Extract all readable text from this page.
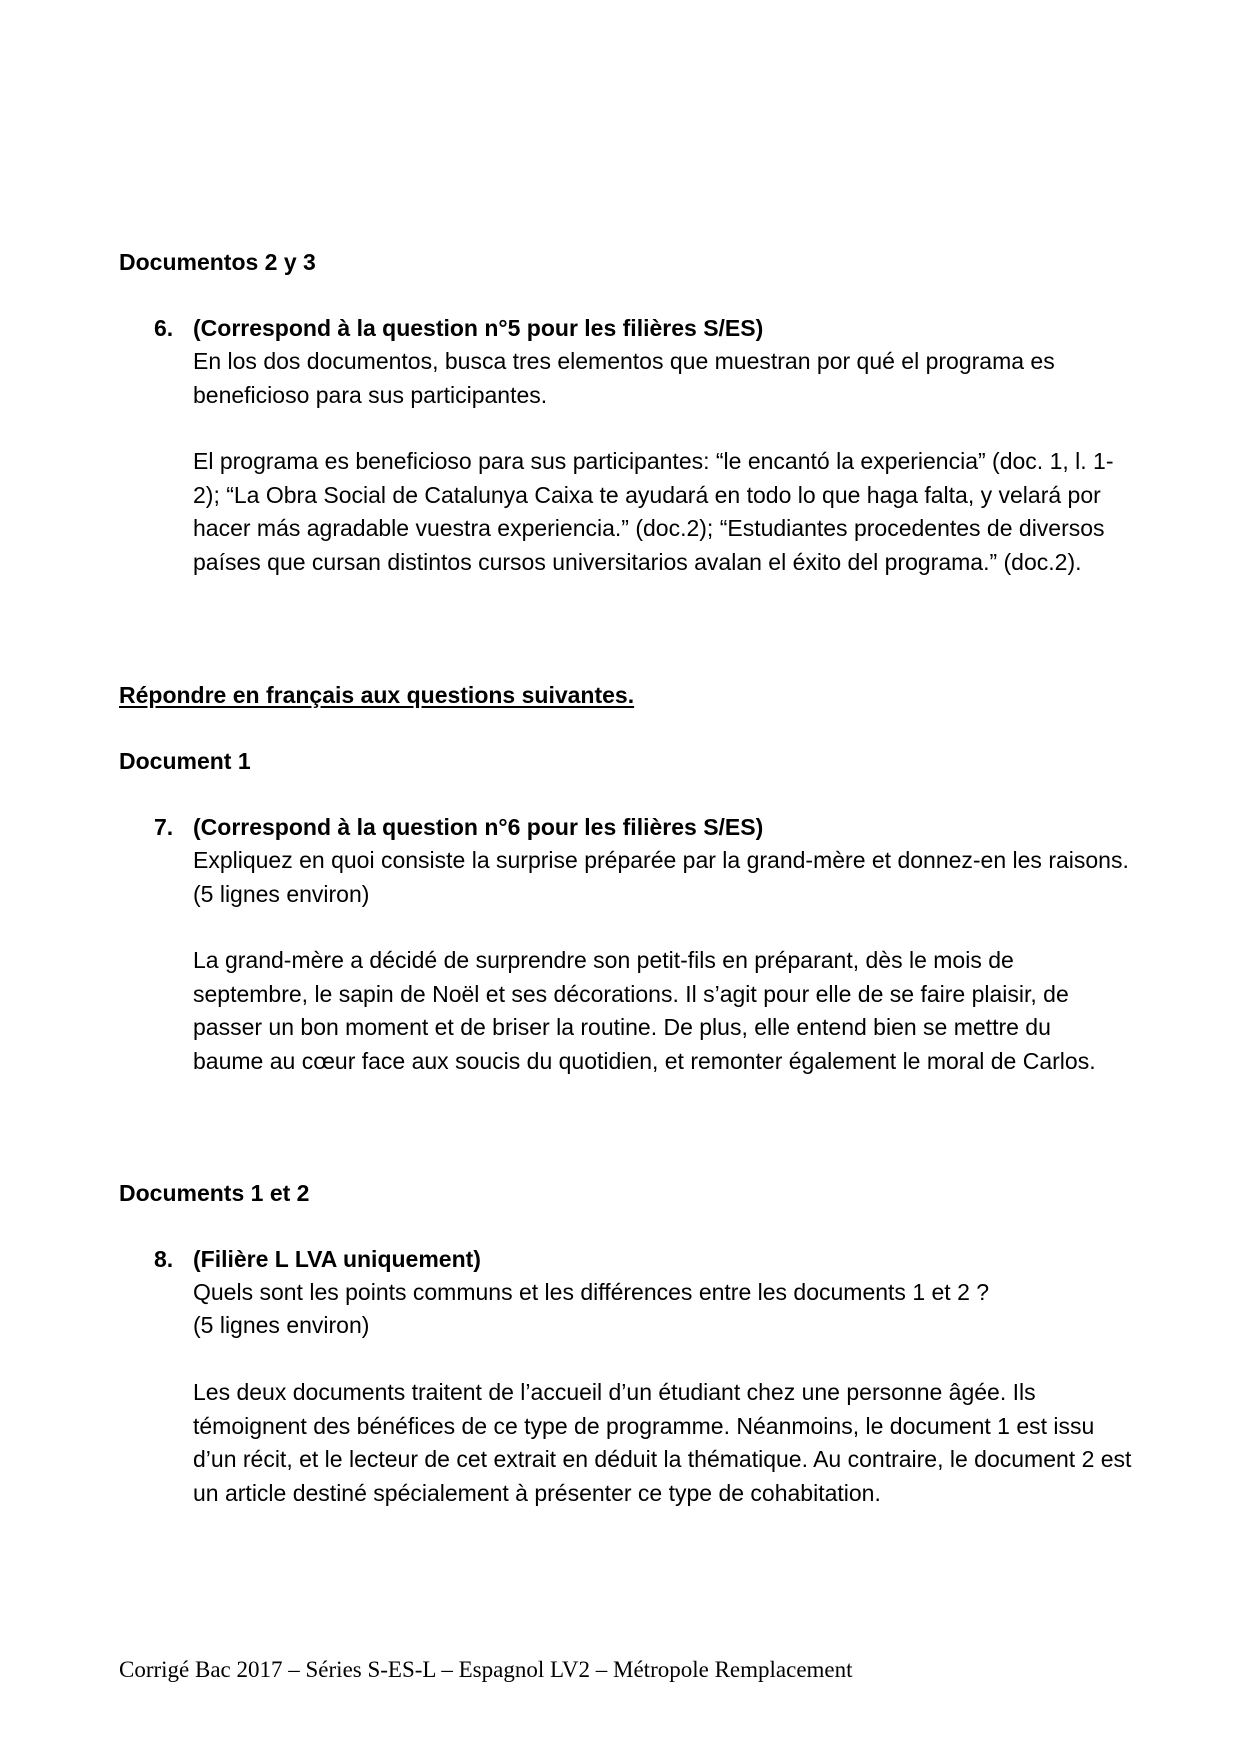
Documentos 2 y 3

6. (Correspond à la question n°5 pour les filières S/ES)

En los dos documentos, busca tres elementos que muestran por qué el programa es beneficioso para sus participantes.

El programa es beneficioso para sus participantes: “le encantó la experiencia” (doc. 1, l. 1-2); “La Obra Social de Catalunya Caixa te ayudará en todo lo que haga falta, y velará por hacer más agradable vuestra experiencia.” (doc.2); “Estudiantes procedentes de diversos países que cursan distintos cursos universitarios avalan el éxito del programa.” (doc.2).

Répondre en français aux questions suivantes.

Document 1

7. (Correspond à la question n°6 pour les filières S/ES)

Expliquez en quoi consiste la surprise préparée par la grand-mère et donnez-en les raisons. (5 lignes environ)

La grand-mère a décidé de surprendre son petit-fils en préparant, dès le mois de septembre, le sapin de Noël et ses décorations. Il s’agit pour elle de se faire plaisir, de passer un bon moment et de briser la routine. De plus, elle entend bien se mettre du baume au cœur face aux soucis du quotidien, et remonter également le moral de Carlos.

Documents 1 et 2

8. (Filière L LVA uniquement)

Quels sont les points communs et les différences entre les documents 1 et 2 ?

(5 lignes environ)

Les deux documents traitent de l’accueil d’un étudiant chez une personne âgée. Ils témoignent des bénéfices de ce type de programme. Néanmoins, le document 1 est issu d’un récit, et le lecteur de cet extrait en déduit la thématique. Au contraire, le document 2 est un article destiné spécialement à présenter ce type de cohabitation.

Corrigé Bac 2017 – Séries S-ES-L – Espagnol LV2 – Métropole Remplacement
